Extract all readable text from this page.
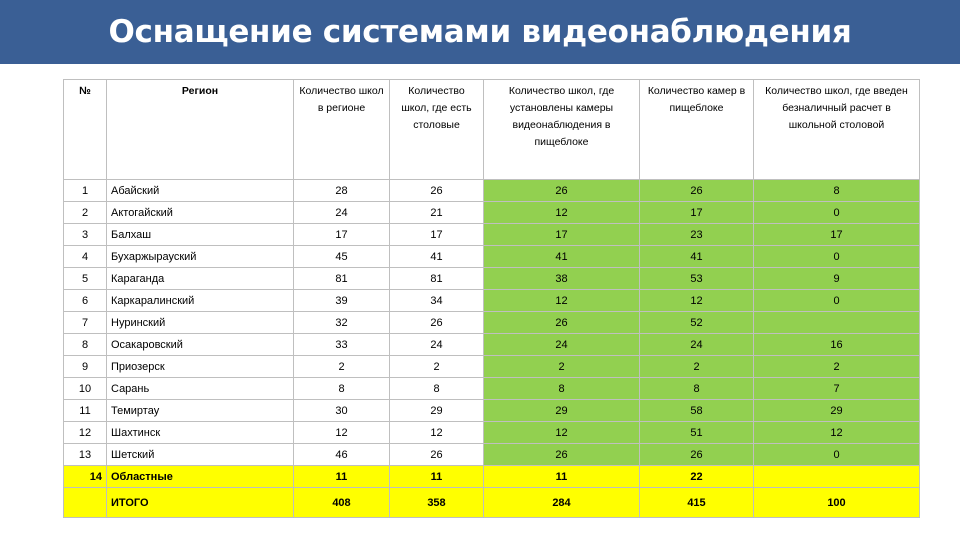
Оснащение системами видеонаблюдения
№	Регион	Количество школ в регионе	Количество школ, где есть столовые	Количество школ, где установлены камеры видеонаблюдения в пищеблоке	Количество камер в пищеблоке	Количество школ, где введен безналичный расчет в школьной столовой
1	Абайский	28	26	26	26	8
2	Актогайский	24	21	12	17	0
3	Балхаш	17	17	17	23	17
4	Бухаржырауский	45	41	41	41	0
5	Караганда	81	81	38	53	9
6	Каркаралинский	39	34	12	12	0
7	Нуринский	32	26	26	52	
8	Осакаровский	33	24	24	24	16
9	Приозерск	2	2	2	2	2
10	Сарань	8	8	8	8	7
11	Темиртау	30	29	29	58	29
12	Шахтинск	12	12	12	51	12
13	Шетский	46	26	26	26	0
14	Областные	11	11	11	22	
	ИТОГО	408	358	284	415	100
